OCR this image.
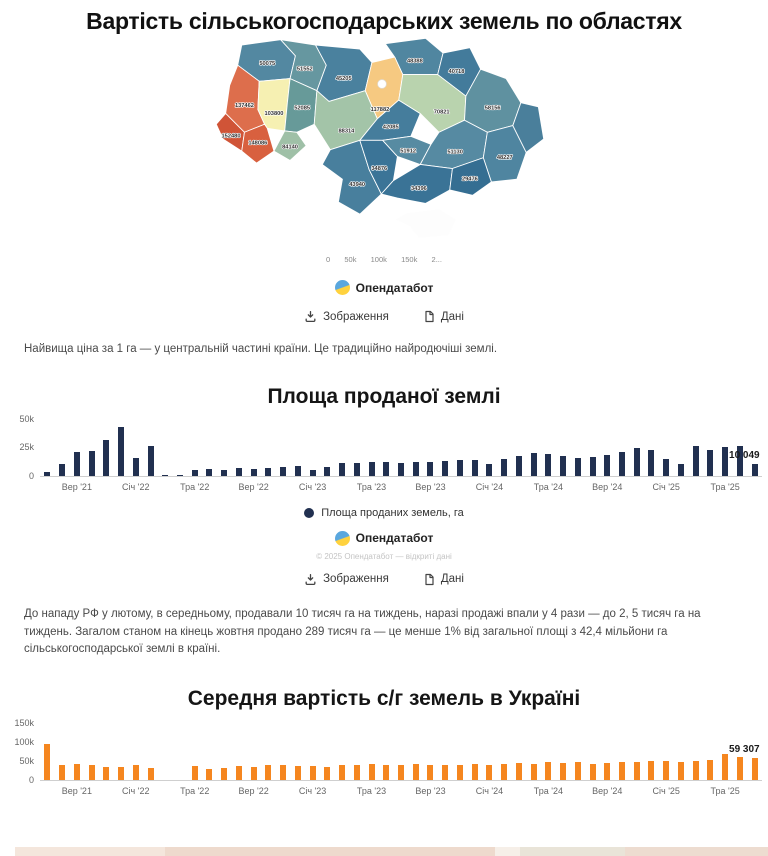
Вартість сільськогосподарських земель по областях
50075
51552
45205
48388
40718
117882
137462
103800
52085
88314
42085
70821
58156
152480
148086
84140
43940
34876
51912	51130
48227
34396
29476
0 50k 100k 150k 2...
Опендатабот
Зображення	Дані

Найвища ціна за 1 га — у центральній частині країни. Це традиційно найродючіші землі.

Площа проданої землі
0
25k
50k
10 049
Вер '21	Січ '22	Тра '22	Вер '22	Січ '23	Тра '23	Вер '23	Січ '24	Тра '24	Вер '24	Січ '25	Тра '25
Площа проданих земель, га
Опендатабот
© 2025 Опендатабот — відкриті дані
Зображення	Дані

До нападу РФ у лютому, в середньому, продавали 10 тисяч га на тиждень, наразі продажі впали у 4 рази — до 2, 5 тисяч га на тиждень. Загалом станом на кінець жовтня продано 289 тисяч га — це менше 1% від загальної площі з 42,4 мільйони га сільськогосподарської землі в країні.

Середня вартість с/г земель в Україні
0
50k
100k
150k
59 307
Вер '21	Січ '22	Тра '22	Вер '22	Січ '23	Тра '23	Вер '23	Січ '24	Тра '24	Вер '24	Січ '25	Тра '25
